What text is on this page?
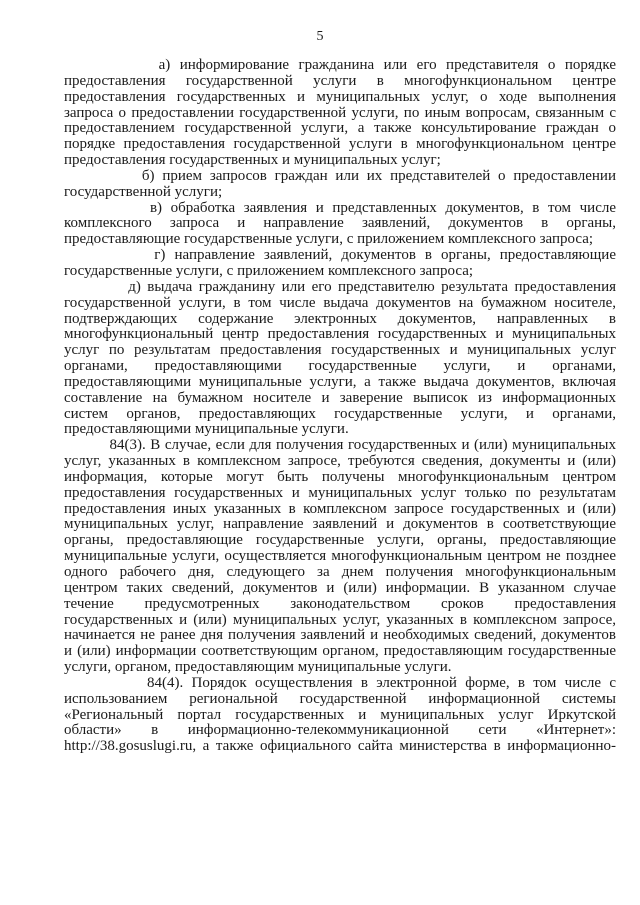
5
а) информирование гражданина или его представителя о порядке
предоставления государственной услуги в многофункциональном центре
предоставления государственных и муниципальных услуг, о ходе выполнения
запроса о предоставлении государственной услуги, по иным вопросам, связанным с
предоставлением государственной услуги, а также консультирование граждан о
порядке предоставления государственной услуги в многофункциональном центре
предоставления государственных и муниципальных услуг;
б) прием запросов граждан или их представителей о предоставлении
государственной услуги;
в) обработка заявления и представленных документов, в том числе
комплексного запроса и направление заявлений, документов в органы,
предоставляющие государственные услуги, с приложением комплексного запроса;
г) направление заявлений, документов в органы, предоставляющие
государственные услуги, с приложением комплексного запроса;
д) выдача гражданину или его представителю результата предоставления
государственной услуги, в том числе выдача документов на бумажном носителе,
подтверждающих содержание электронных документов, направленных в
многофункциональный центр предоставления государственных и муниципальных
услуг по результатам предоставления государственных и муниципальных услуг
органами, предоставляющими государственные услуги, и органами,
предоставляющими муниципальные услуги, а также выдача документов, включая
составление на бумажном носителе и заверение выписок из информационных
систем органов, предоставляющих государственные услуги, и органами,
предоставляющими муниципальные услуги.
84(3). В случае, если для получения государственных и (или) муниципальных
услуг, указанных в комплексном запросе, требуются сведения, документы и (или)
информация, которые могут быть получены многофункциональным центром
предоставления государственных и муниципальных услуг только по результатам
предоставления иных указанных в комплексном запросе государственных и (или)
муниципальных услуг, направление заявлений и документов в соответствующие
органы, предоставляющие государственные услуги, органы, предоставляющие
муниципальные услуги, осуществляется многофункциональным центром не позднее
одного рабочего дня, следующего за днем получения многофункциональным
центром таких сведений, документов и (или) информации. В указанном случае
течение предусмотренных законодательством сроков предоставления
государственных и (или) муниципальных услуг, указанных в комплексном запросе,
начинается не ранее дня получения заявлений и необходимых сведений, документов
и (или) информации соответствующим органом, предоставляющим государственные
услуги, органом, предоставляющим муниципальные услуги.
84(4). Порядок осуществления в электронной форме, в том числе с
использованием региональной государственной информационной системы
«Региональный портал государственных и муниципальных услуг Иркутской
области» в информационно-телекоммуникационной сети «Интернет»:
http://38.gosuslugi.ru, а также официального сайта министерства в информационно-
